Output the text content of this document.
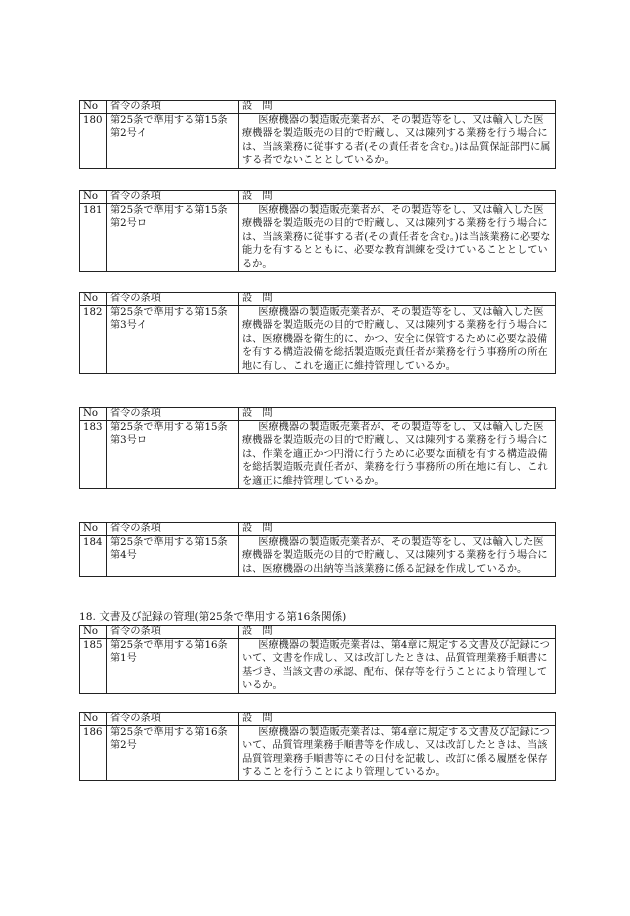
No	省令の条項	設　問
180	第25条で準用する第15条第2号イ	医療機器の製造販売業者が、その製造等をし、又は輸入した医療機器を製造販売の目的で貯蔵し、又は陳列する業務を行う場合には、当該業務に従事する者(その責任者を含む。)は品質保証部門に属する者でないこととしているか。
No	省令の条項	設　問
181	第25条で準用する第15条第2号ロ	医療機器の製造販売業者が、その製造等をし、又は輸入した医療機器を製造販売の目的で貯蔵し、又は陳列する業務を行う場合には、当該業務に従事する者(その責任者を含む。)は当該業務に必要な能力を有するとともに、必要な教育訓練を受けていることとしているか。
No	省令の条項	設　問
182	第25条で準用する第15条第3号イ	医療機器の製造販売業者が、その製造等をし、又は輸入した医療機器を製造販売の目的で貯蔵し、又は陳列する業務を行う場合には、医療機器を衛生的に、かつ、安全に保管するために必要な設備を有する構造設備を総括製造販売責任者が業務を行う事務所の所在地に有し、これを適正に維持管理しているか。
No	省令の条項	設　問
183	第25条で準用する第15条第3号ロ	医療機器の製造販売業者が、その製造等をし、又は輸入した医療機器を製造販売の目的で貯蔵し、又は陳列する業務を行う場合には、作業を適正かつ円滑に行うために必要な面積を有する構造設備を総括製造販売責任者が、業務を行う事務所の所在地に有し、これを適正に維持管理しているか。
No	省令の条項	設　問
184	第25条で準用する第15条第4号	医療機器の製造販売業者が、その製造等をし、又は輸入した医療機器を製造販売の目的で貯蔵し、又は陳列する業務を行う場合には、医療機器の出納等当該業務に係る記録を作成しているか。
18. 文書及び記録の管理(第25条で準用する第16条関係)
No	省令の条項	設　問
185	第25条で準用する第16条第1号	医療機器の製造販売業者は、第4章に規定する文書及び記録について、文書を作成し、又は改訂したときは、品質管理業務手順書に基づき、当該文書の承認、配布、保存等を行うことにより管理しているか。
No	省令の条項	設　問
186	第25条で準用する第16条第2号	医療機器の製造販売業者は、第4章に規定する文書及び記録について、品質管理業務手順書等を作成し、又は改訂したときは、当該品質管理業務手順書等にその日付を記載し、改訂に係る履歴を保存することを行うことにより管理しているか。
